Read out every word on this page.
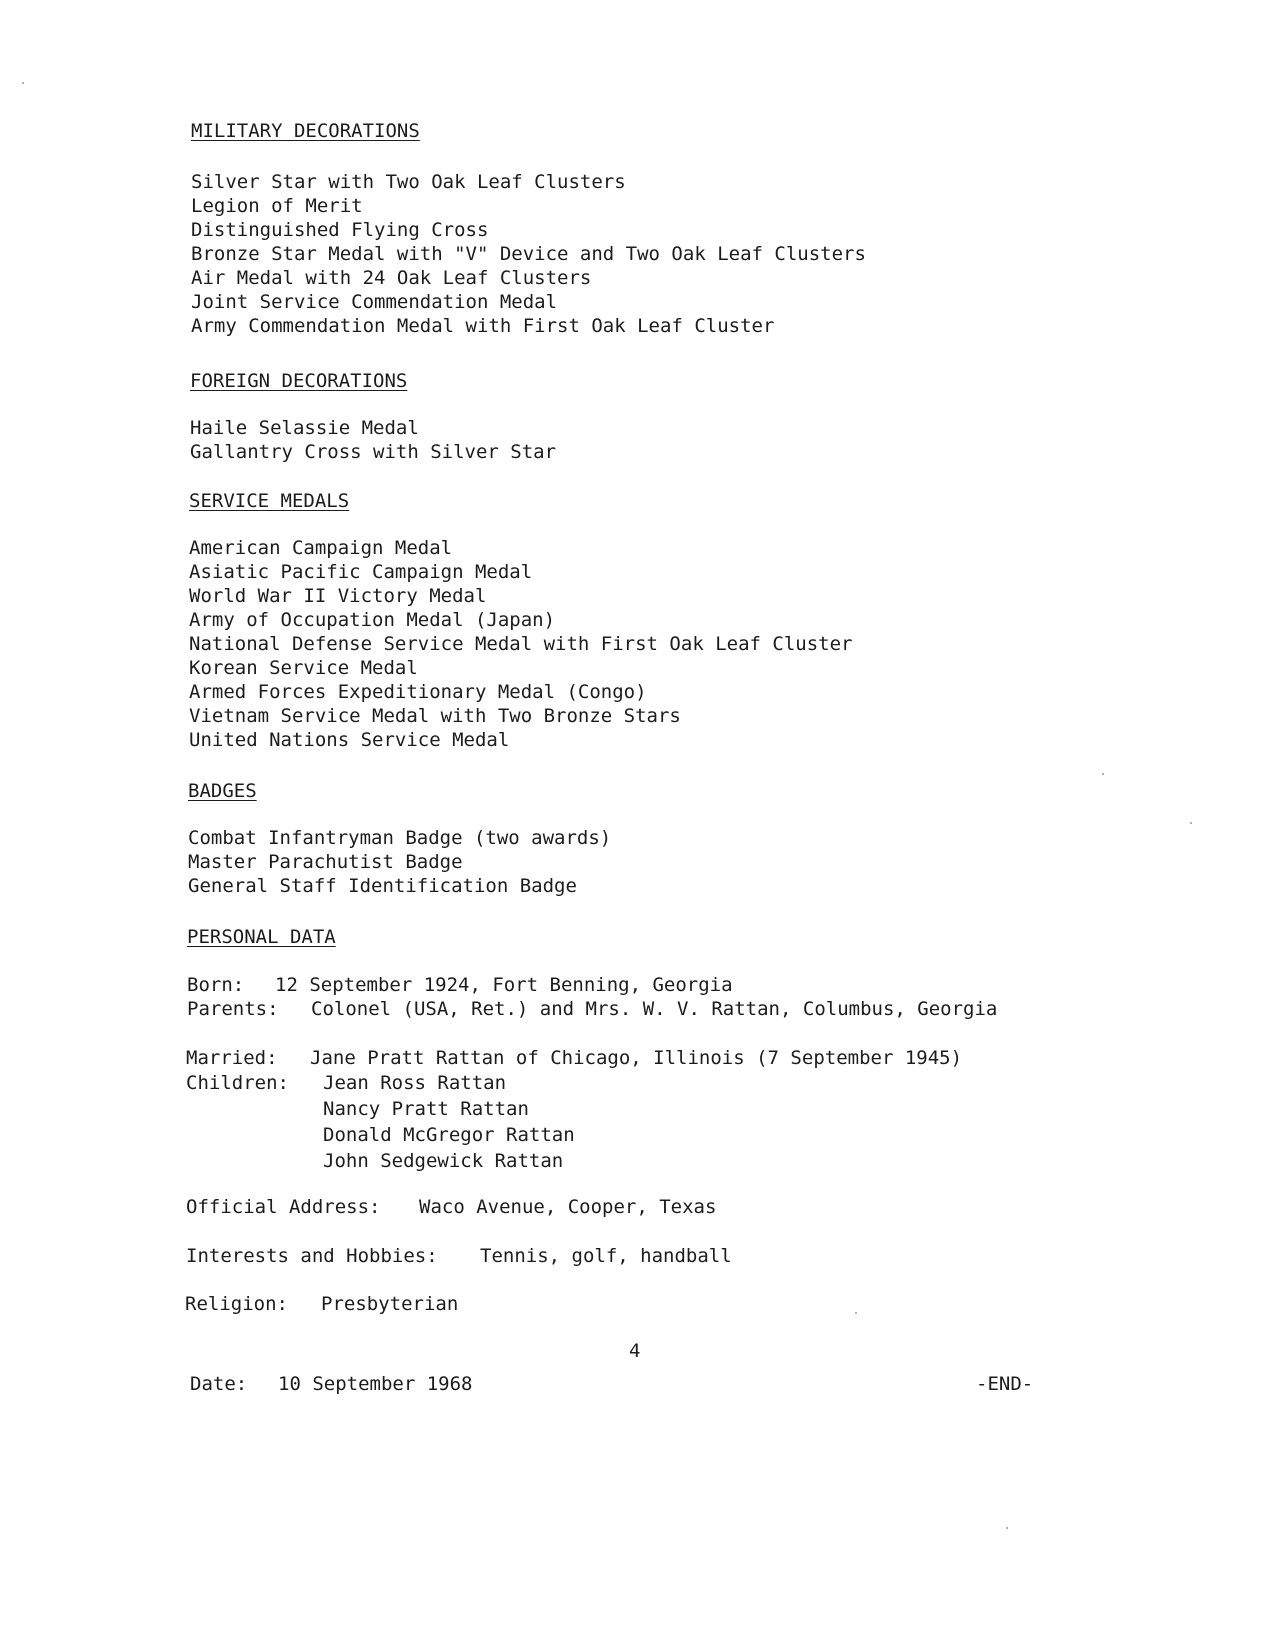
MILITARY DECORATIONS
Silver Star with Two Oak Leaf Clusters
Legion of Merit
Distinguished Flying Cross
Bronze Star Medal with "V" Device and Two Oak Leaf Clusters
Air Medal with 24 Oak Leaf Clusters
Joint Service Commendation Medal
Army Commendation Medal with First Oak Leaf Cluster
FOREIGN DECORATIONS
Haile Selassie Medal
Gallantry Cross with Silver Star
SERVICE MEDALS
American Campaign Medal
Asiatic Pacific Campaign Medal
World War II Victory Medal
Army of Occupation Medal (Japan)
National Defense Service Medal with First Oak Leaf Cluster
Korean Service Medal
Armed Forces Expeditionary Medal (Congo)
Vietnam Service Medal with Two Bronze Stars
United Nations Service Medal
BADGES
Combat Infantryman Badge (two awards)
Master Parachutist Badge
General Staff Identification Badge
PERSONAL DATA
Born: 12 September 1924, Fort Benning, Georgia
Parents: Colonel (USA, Ret.) and Mrs. W. V. Rattan, Columbus, Georgia
Married: Jane Pratt Rattan of Chicago, Illinois (7 September 1945)
Children: Jean Ross Rattan
Nancy Pratt Rattan
Donald McGregor Rattan
John Sedgewick Rattan
Official Address: Waco Avenue, Cooper, Texas
Interests and Hobbies: Tennis, golf, handball
Religion: Presbyterian
4
Date: 10 September 1968	-END-
